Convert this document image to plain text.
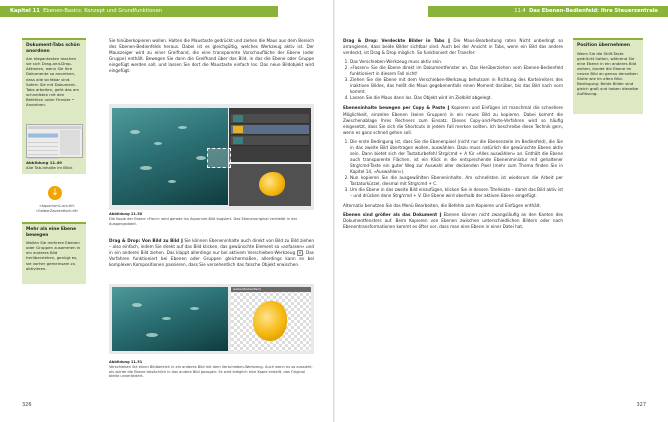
Kapitel 11 Ebenen-Basics: Konzept und Grundfunktionen
Dokument-Tabs schön anordnen
Am elegantesten machen sie sich Drag-and-Drop-Aktionen, wenn Sie Ihre Dokumente so anordnen, dass alle sichtbar sind. Sofern Sie mit Dokument-Tabs arbeiten, geht das am schnellsten mit den Befehlen unter Fenster • Anordnen.
Abbildung 11.49
Alle Tab-Inhalte im Blick
↓
»Aquarium1.om.tif«
»GelberZackenfisch.tif«
Mehr als eine Ebene bewegen
Wollen Sie mehrere Ebenen oder Gruppen zusammen in ein anderes Bild herüberziehen, genügt es, sie vorher gemeinsam zu aktivieren.
Sie hinüberkopieren wollen. Halten die Maustaste gedrückt und ziehen die Maus aus dem Bereich des Ebenen-Bedienfelds heraus. Dabei ist es gleichgültig, welches Werkzeug aktiv ist. Der Mauszeiger wird zu einer Greifhand, die eine transparente Vorschaufläche der Ebene (oder Gruppe) enthält. Bewegen Sie dann die Greifhand über das Bild, in das die Ebene oder Gruppe eingefügt werden soll, und lassen Sie dort die Maustaste einfach los. Das neue Bildobjekt wird eingefügt.
Abbildung 11.50
Die Kopie der Ebene »Fisch« wird gerade ins Aquarium-Bild bugsiert. Das Ebenenoriginal verbleibt in der Ausgangsdatei.
Drag & Drop: Von Bild zu Bild ‖ Sie können Ebeneninhalte auch direkt von Bild zu Bild ziehen – also einfach, indem Sie direkt auf das Bild klicken, das gewünschte Element so »anfassen« und in ein anderes Bild ziehen. Das klappt allerdings nur bei aktivem Verschieben-Werkzeug V . Das Verfahren funktioniert bei Ebenen oder Gruppen gleichermaßen, allerdings kann es bei komplexen Kompositionen passieren, dass Sie versehentlich das falsche Objekt erwischen.
GelberZackenfisch
Abbildung 11.51
Verschieben Sie einen Bildbereich in ein anderes Bild mit dem Verschieben-Werkzeug. Auch wenn es so aussieht, als würde die Ebene tatsächlich in das andere Bild gezogen: Es wird lediglich eine Kopie erstellt, das Original bleibt unverändert.
326
11.4 Das Ebenen-Bedienfeld: Ihre Steuerzentrale

Drag & Drop: Verdeckte Bilder in Tabs ‖ Die Maus-Bearbeitung raten Nicht unbedingt so arrangieren, dass beide Bilder sichtbar sind. Auch bei der Ansicht in Tabs, wenn ein Bild das andere verdeckt, ist Drag & Drop möglich. So funktioniert der Transfer:

1. Das Verschieben-Werkzeug muss aktiv sein.
2. »Fassen« Sie die Ebene direkt im Dokumentfenster an. Das Herüberziehen vom Ebenen-Bedienfeld funktioniert in diesem Fall nicht!
3. Ziehen Sie die Ebene mit dem Verschieben-Werkzeug behutsam in Richtung des Karteireiters des inaktiven Bildes, das heißt die Maus gegebenenfalls einen Moment darüber, bis das Bild nach vorn kommt.
4. Lassen Sie die Maus dann los. Das Objekt wird im Zielbild abgelegt.

Ebeneninhalte bewegen per Copy & Paste ‖ Kopieren und Einfügen ist manchmal die schnellere Möglichkeit, einzelne Ebenen (keine Gruppen) in ein neues Bild zu kopieren. Dabei kommt die Zwischenablage Ihres Rechners zum Einsatz. Dieses Copy-and-Paste-Verfahren wird so häufig eingesetzt, dass Sie sich die Shortcuts in jedem Fall merken sollten. Ich beschreibe diese Technik gern, wenn es ganz schnell gehen soll.

1. Die erste Bedingung ist, dass Sie die Ebenenpixel (nicht nur die Ebenenzeile im Bedienfeld), die Sie in das zweite Bild übertragen wollen, auswählen. Dazu muss natürlich die gewünschte Ebene aktiv sein. Dann bietet sich der Tastaturbefehl Strg/cmd + A für »Alles auswählen« an. Enthält die Ebene auch transparente Flächen, ist ein Klick in die entsprechende Ebenenminiatur mit gehaltener Strg/cmd-Taste ein guter Weg zur Auswahl aller deckenden Pixel (mehr zum Thema finden Sie in Kapitel 14, »Auswahlen«).
2. Nun kopieren Sie die ausgewählten Ebeneninhalte. Am schnellsten ist wiederum die Arbeit per Tastaturkürzel, diesmal mit Strg/cmd + C.
3. Um die Ebene in das zweite Bild einzufügen, klicken Sie in dessen Titelleiste – damit das Bild aktiv ist – und drücken dann Strg/cmd + V. Die Ebene wird oberhalb der aktiven Ebene eingefügt.

Alternativ benutzen Sie das Menü Bearbeiten, die Befehle zum Kopieren und Einfügen enthält.

Ebenen sind größer als das Dokument ‖ Ebenen können nicht zwangsläufig an den Kanten des Dokumentfensters auf. Beim Kopieren von Ebenen zwischen unterschiedlichen Bildern oder nach Ebenentransformationen kommt es öfter vor, dass man eine Ebene in einer Datei hat,

Position übernehmen
Wenn Sie die Shift-Taste gedrückt halten, während Sie eine Ebene in ein anderes Bild ziehen, landet die Ebene im neuen Bild an genau derselben Stelle wie im alten Bild. Bedingung: Beide Bilder sind gleich groß und haben dieselbe Auflösung.
327
